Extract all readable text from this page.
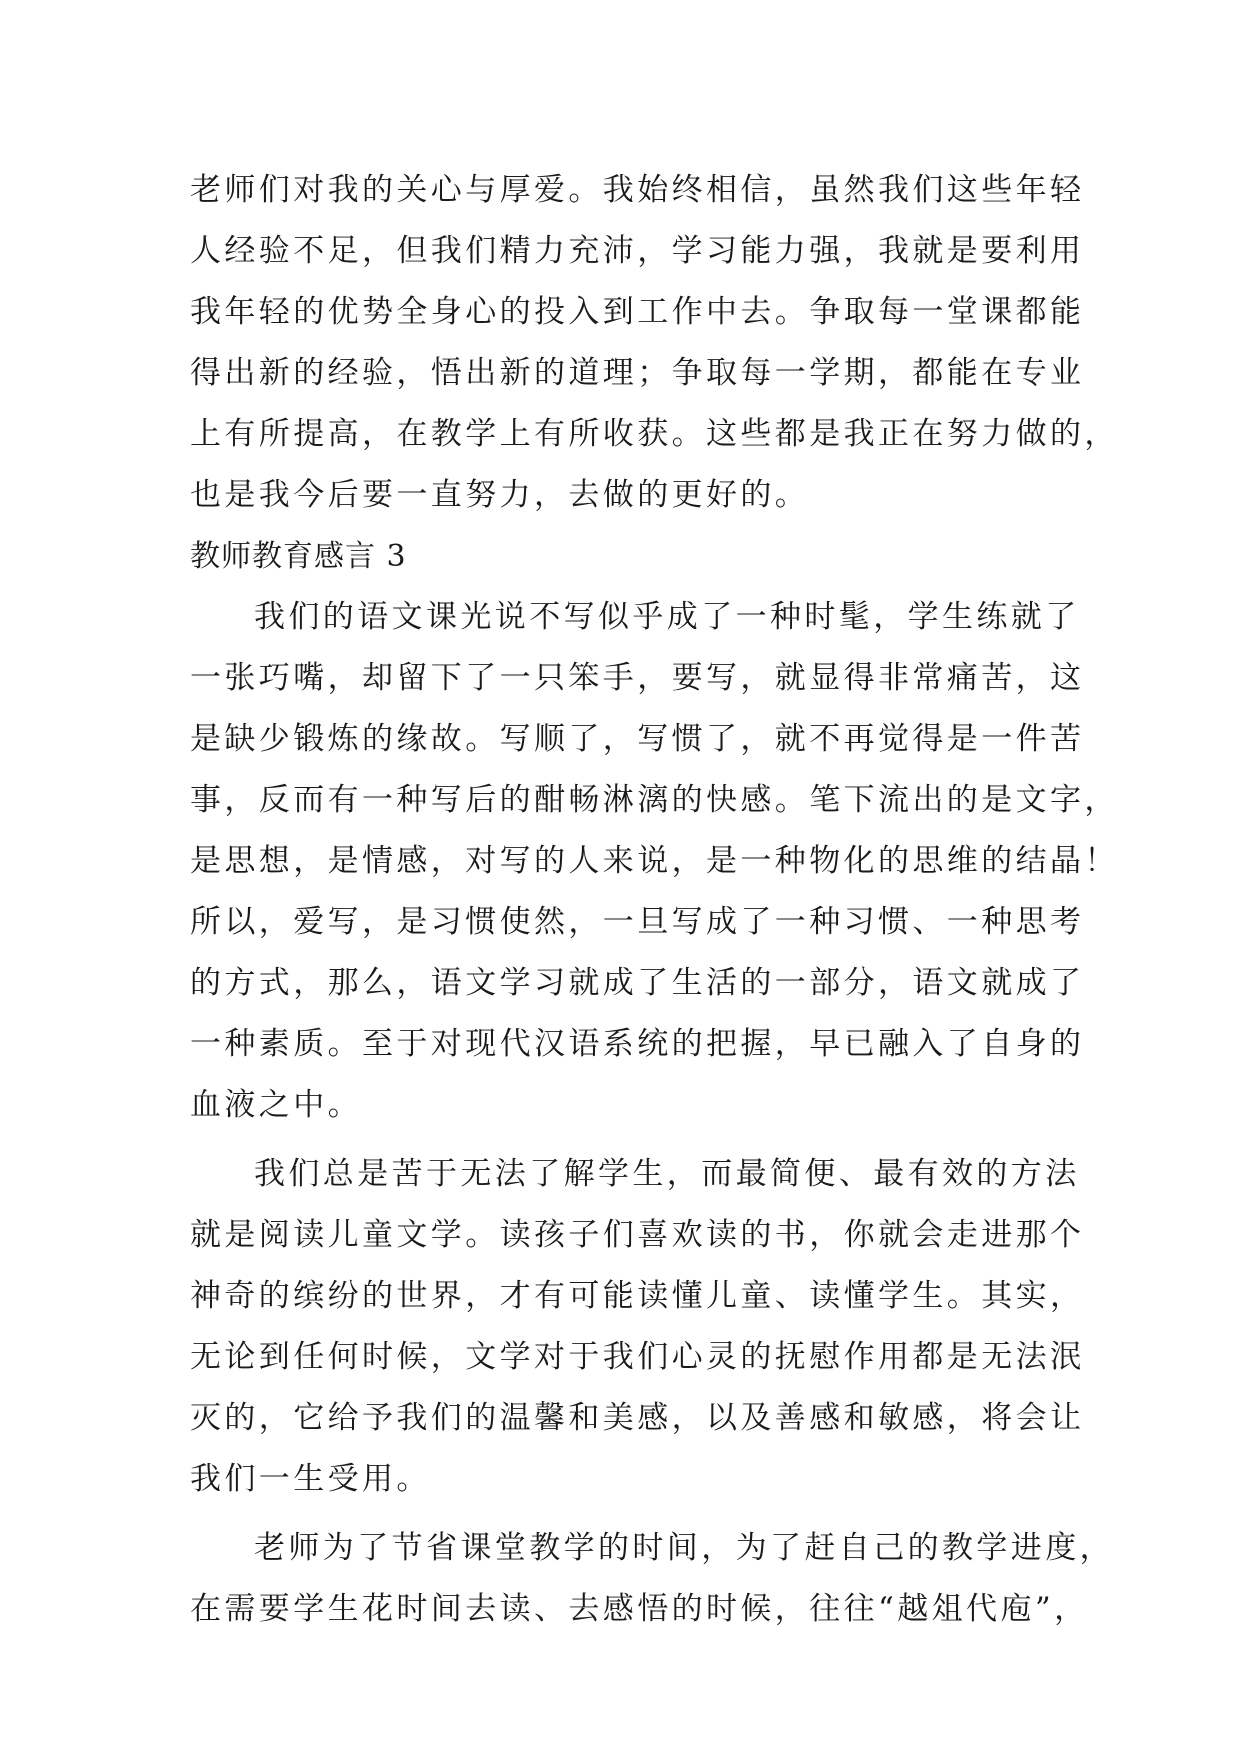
老师们对我的关心与厚爱。我始终相信，虽然我们这些年轻
人经验不足，但我们精力充沛，学习能力强，我就是要利用
我年轻的优势全身心的投入到工作中去。争取每一堂课都能
得出新的经验，悟出新的道理；争取每一学期，都能在专业
上有所提高，在教学上有所收获。这些都是我正在努力做的，
也是我今后要一直努力，去做的更好的。
教师教育感言 3
我们的语文课光说不写似乎成了一种时髦，学生练就了
一张巧嘴，却留下了一只笨手，要写，就显得非常痛苦，这
是缺少锻炼的缘故。写顺了，写惯了，就不再觉得是一件苦
事，反而有一种写后的酣畅淋漓的快感。笔下流出的是文字，
是思想，是情感，对写的人来说，是一种物化的思维的结晶！
所以，爱写，是习惯使然，一旦写成了一种习惯、一种思考
的方式，那么，语文学习就成了生活的一部分，语文就成了
一种素质。至于对现代汉语系统的把握，早已融入了自身的
血液之中。
我们总是苦于无法了解学生，而最简便、最有效的方法
就是阅读儿童文学。读孩子们喜欢读的书，你就会走进那个
神奇的缤纷的世界，才有可能读懂儿童、读懂学生。其实，
无论到任何时候，文学对于我们心灵的抚慰作用都是无法泯
灭的，它给予我们的温馨和美感，以及善感和敏感，将会让
我们一生受用。
老师为了节省课堂教学的时间，为了赶自己的教学进度，
在需要学生花时间去读、去感悟的时候，往往“越俎代庖”，
